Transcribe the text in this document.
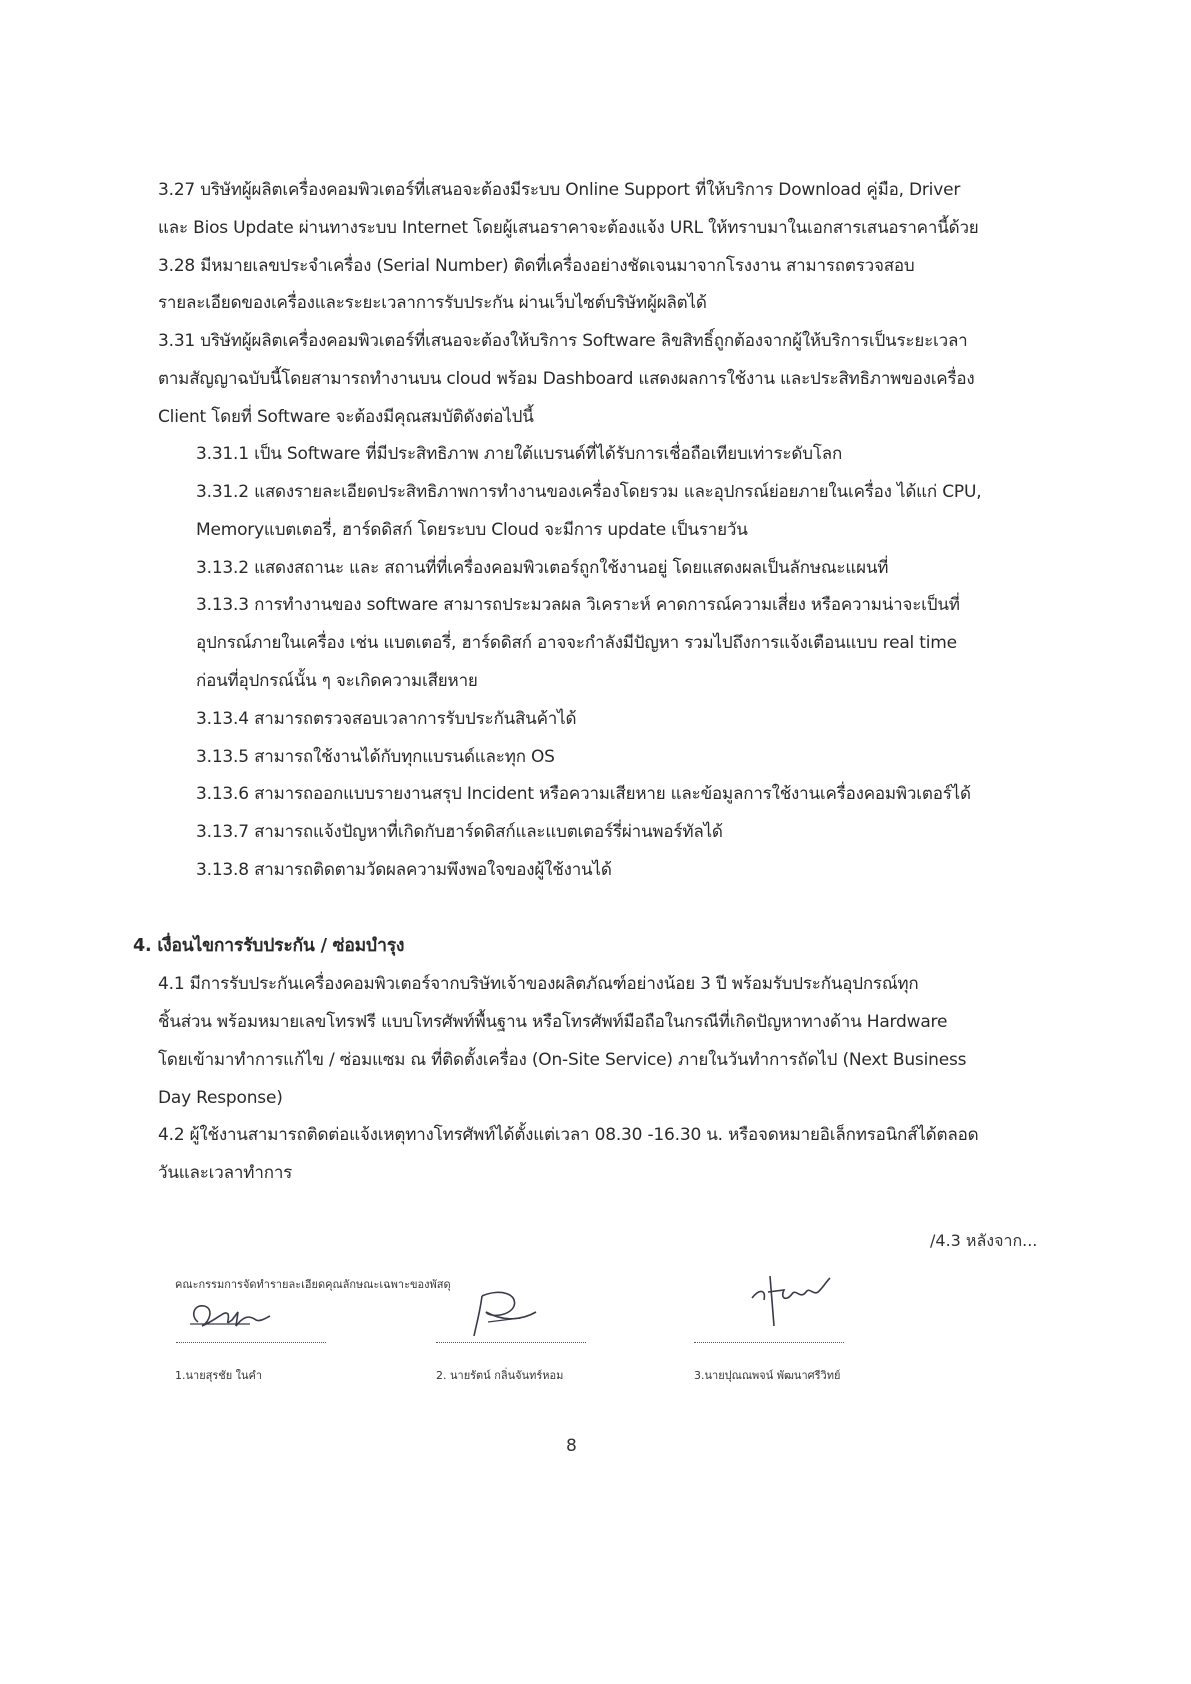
3.27 บริษัทผู้ผลิตเครื่องคอมพิวเตอร์ที่เสนอจะต้องมีระบบ Online Support ที่ให้บริการ Download คู่มือ, Driver
และ Bios Update ผ่านทางระบบ Internet โดยผู้เสนอราคาจะต้องแจ้ง URL ให้ทราบมาในเอกสารเสนอราคานี้ด้วย
3.28 มีหมายเลขประจำเครื่อง (Serial Number) ติดที่เครื่องอย่างชัดเจนมาจากโรงงาน สามารถตรวจสอบ
รายละเอียดของเครื่องและระยะเวลาการรับประกัน ผ่านเว็บไซต์บริษัทผู้ผลิตได้
3.31 บริษัทผู้ผลิตเครื่องคอมพิวเตอร์ที่เสนอจะต้องให้บริการ Software ลิขสิทธิ์ถูกต้องจากผู้ให้บริการเป็นระยะเวลา
ตามสัญญาฉบับนี้โดยสามารถทำงานบน cloud พร้อม Dashboard แสดงผลการใช้งาน และประสิทธิภาพของเครื่อง
Client โดยที่ Software จะต้องมีคุณสมบัติดังต่อไปนี้
3.31.1 เป็น Software ที่มีประสิทธิภาพ ภายใต้แบรนด์ที่ได้รับการเชื่อถือเทียบเท่าระดับโลก
3.31.2 แสดงรายละเอียดประสิทธิภาพการทำงานของเครื่องโดยรวม และอุปกรณ์ย่อยภายในเครื่อง ได้แก่ CPU,
Memoryแบตเตอรี่, ฮาร์ดดิสก์ โดยระบบ Cloud จะมีการ update เป็นรายวัน
3.13.2 แสดงสถานะ และ สถานที่ที่เครื่องคอมพิวเตอร์ถูกใช้งานอยู่ โดยแสดงผลเป็นลักษณะแผนที่
3.13.3 การทำงานของ software สามารถประมวลผล วิเคราะห์ คาดการณ์ความเสี่ยง หรือความน่าจะเป็นที่
อุปกรณ์ภายในเครื่อง เช่น แบตเตอรี่, ฮาร์ดดิสก์ อาจจะกำลังมีปัญหา รวมไปถึงการแจ้งเตือนแบบ real time
ก่อนที่อุปกรณ์นั้น ๆ จะเกิดความเสียหาย
3.13.4 สามารถตรวจสอบเวลาการรับประกันสินค้าได้
3.13.5 สามารถใช้งานได้กับทุกแบรนด์และทุก OS
3.13.6 สามารถออกแบบรายงานสรุป Incident หรือความเสียหาย และข้อมูลการใช้งานเครื่องคอมพิวเตอร์ได้
3.13.7 สามารถแจ้งปัญหาที่เกิดกับฮาร์ดดิสก์และแบตเตอร์รี่ผ่านพอร์ทัลได้
3.13.8 สามารถติดตามวัดผลความพึงพอใจของผู้ใช้งานได้
4. เงื่อนไขการรับประกัน / ซ่อมบำรุง
4.1 มีการรับประกันเครื่องคอมพิวเตอร์จากบริษัทเจ้าของผลิตภัณฑ์อย่างน้อย 3 ปี พร้อมรับประกันอุปกรณ์ทุก
ชิ้นส่วน พร้อมหมายเลขโทรฟรี แบบโทรศัพท์พื้นฐาน หรือโทรศัพท์มือถือในกรณีที่เกิดปัญหาทางด้าน Hardware
โดยเข้ามาทำการแก้ไข / ซ่อมแซม ณ ที่ติดตั้งเครื่อง (On-Site Service) ภายในวันทำการถัดไป (Next Business
Day Response)
4.2 ผู้ใช้งานสามารถติดต่อแจ้งเหตุทางโทรศัพท์ได้ตั้งแต่เวลา 08.30 -16.30 น. หรือจดหมายอิเล็กทรอนิกส์ได้ตลอด
วันและเวลาทำการ
/4.3 หลังจาก...
คณะกรรมการจัดทำรายละเอียดคุณลักษณะเฉพาะของพัสดุ
1.นายสุรชัย ในคำ	2. นายรัตน์ กลิ่นจันทร์หอม	3.นายปุณณพจน์ พัฒนาศรีวิทย์
8
